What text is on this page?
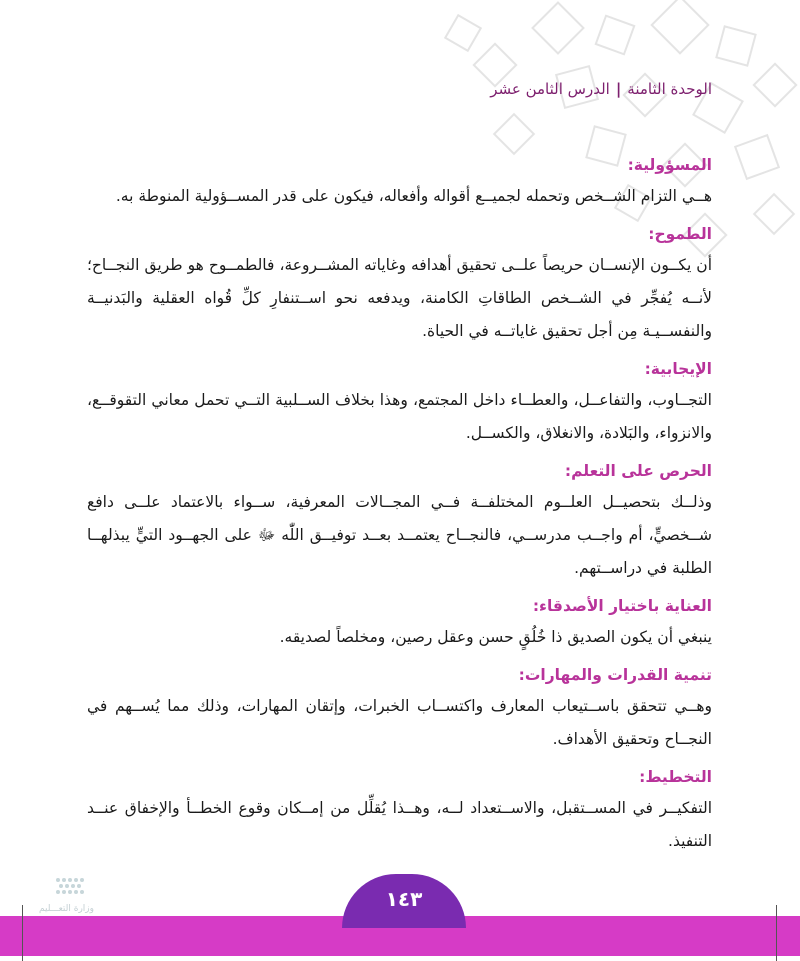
الوحدة الثامنة|الدرس الثامن عشر

المسؤولية:

هــي التزام الشــخص وتحمله لجميــع أقواله وأفعاله، فيكون على قدر المســؤولية المنوطة به.

الطموح:

أن يكــون الإنســان حريصاً علــى تحقيق أهدافه وغاياته المشــروعة، فالطمــوح هو طريق النجــاح؛ لأنــه يُفجِّر في الشــخص الطاقاتِ الكامنة، ويدفعه نحو اســتنفارِ كلِّ قُواه العقلية والبَدنيــة والنفســيـة مِن أجل تحقيق غاياتــه في الحياة.

الإيجابية:

التجــاوب، والتفاعــل، والعطــاء داخل المجتمع، وهذا بخلاف الســلبية التــي تحمل معاني التقوقــع، والانزواء، والبَلادة، والانغلاق، والكســل.

الحرص على التعلم:

وذلــك بتحصيــل العلــوم المختلفــة فــي المجــالات المعرفية، ســواء بالاعتماد علــى دافع شــخصيٍّ، أم واجــب مدرســي، فالنجــاح يعتمــد بعــد توفيــق اللّٰه ﷻ على الجهــود التيٍّ يبذلهــا الطلبة في دراســتهم.

العناية باختيار الأصدقاء:

ينبغي أن يكون الصديق ذا خُلُقٍ حسن وعقل رصين، ومخلصاً لصديقه.

تنمية القدرات والمهارات:

وهــي تتحقق باســتيعاب المعارف واكتســاب الخبرات، وإتقان المهارات، وذلك مما يُســهم في النجــاح وتحقيق الأهداف.

التخطيط:

التفكيــر في المســتقبل، والاســتعداد لــه، وهــذا يُقلِّل من إمــكان وقوع الخطــأ والإخفاق عنــد التنفيذ.

وزارة التعـــليم	١٤٣
